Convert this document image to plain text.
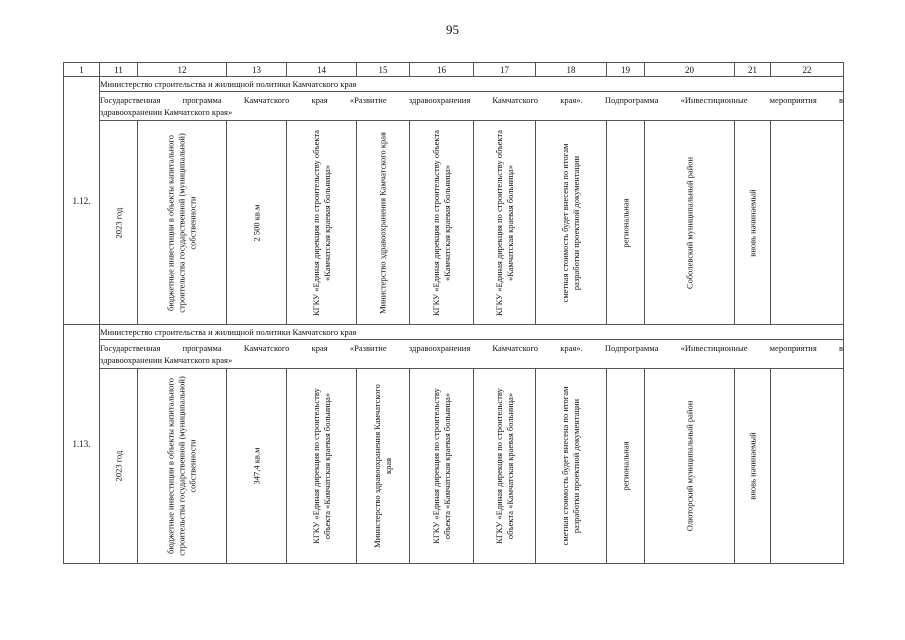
95
1	11	12	13	14	15	16	17	18	19	20	21	22
1.12.	Министерство строительства и жилищной политики Камчатского края											

	Государственная программа Камчатского края «Развитие здравоохранения Камчатского края». Подпрограмма «Инвестиционные мероприятия в
здравоохранении Камчатского края»											

	2023 год	бюджетные инвестиции в объекты капитального строительства государственной (муниципальной) собственности	2 500 кв.м	КГКУ «Единая дирекция по строительству объекта «Камчатская краевая больница»	Министерство здравоохранения Камчатского края	КГКУ «Единая дирекция по строительству объекта «Камчатская краевая больница»	КГКУ «Единая дирекция по строительству объекта «Камчатская краевая больница»	сметная стоимость будет внесена по итогам разработки проектной документации	региональная	Соболевский муниципальный район	вновь начинаемый	

1.13.	Министерство строительства и жилищной политики Камчатского края											

	Государственная программа Камчатского края «Развитие здравоохранения Камчатского края». Подпрограмма «Инвестиционные мероприятия в
здравоохранении Камчатского края»											

	2023 год	бюджетные инвестиции в объекты капитального строительства государственной (муниципальной) собственности	347,4 кв.м	КГКУ «Единая дирекция по строительству объекта «Камчатская краевая больница»	Министерство здравоохранения Камчатского края	КГКУ «Единая дирекция по строительству объекта «Камчатская краевая больница»	КГКУ «Единая дирекция по строительству объекта «Камчатская краевая больница»	сметная стоимость будет внесена по итогам разработки проектной документации	региональная	Олюторский муниципальный район	вновь начинаемый	
